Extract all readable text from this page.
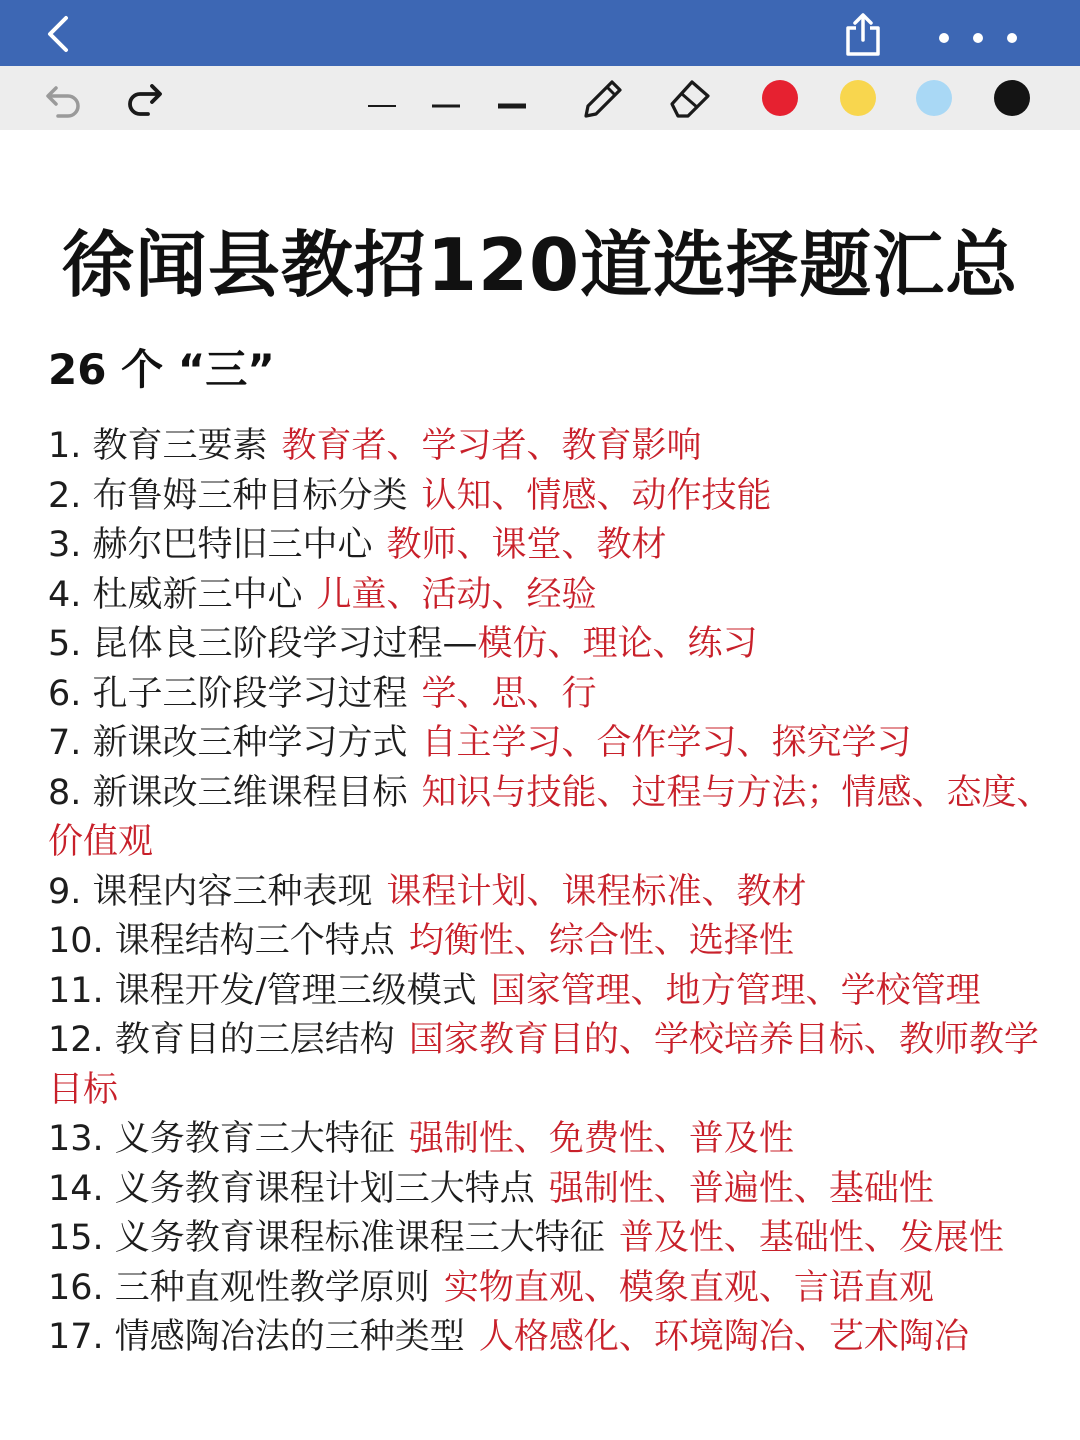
徐闻县教招120道选择题汇总
26 个 “三”
1. 教育三要素 教育者、学习者、教育影响
2. 布鲁姆三种目标分类 认知、情感、动作技能
3. 赫尔巴特旧三中心 教师、课堂、教材
4. 杜威新三中心 儿童、活动、经验
5. 昆体良三阶段学习过程—模仿、理论、练习
6. 孔子三阶段学习过程 学、思、行
7. 新课改三种学习方式 自主学习、合作学习、探究学习
8. 新课改三维课程目标 知识与技能、过程与方法；情感、态度、价值观
9. 课程内容三种表现 课程计划、课程标准、教材
10. 课程结构三个特点 均衡性、综合性、选择性
11. 课程开发/管理三级模式 国家管理、地方管理、学校管理
12. 教育目的三层结构 国家教育目的、学校培养目标、教师教学目标
13. 义务教育三大特征 强制性、免费性、普及性
14. 义务教育课程计划三大特点 强制性、普遍性、基础性
15. 义务教育课程标准课程三大特征 普及性、基础性、发展性
16. 三种直观性教学原则 实物直观、模象直观、言语直观
17. 情感陶冶法的三种类型 人格感化、环境陶冶、艺术陶冶
